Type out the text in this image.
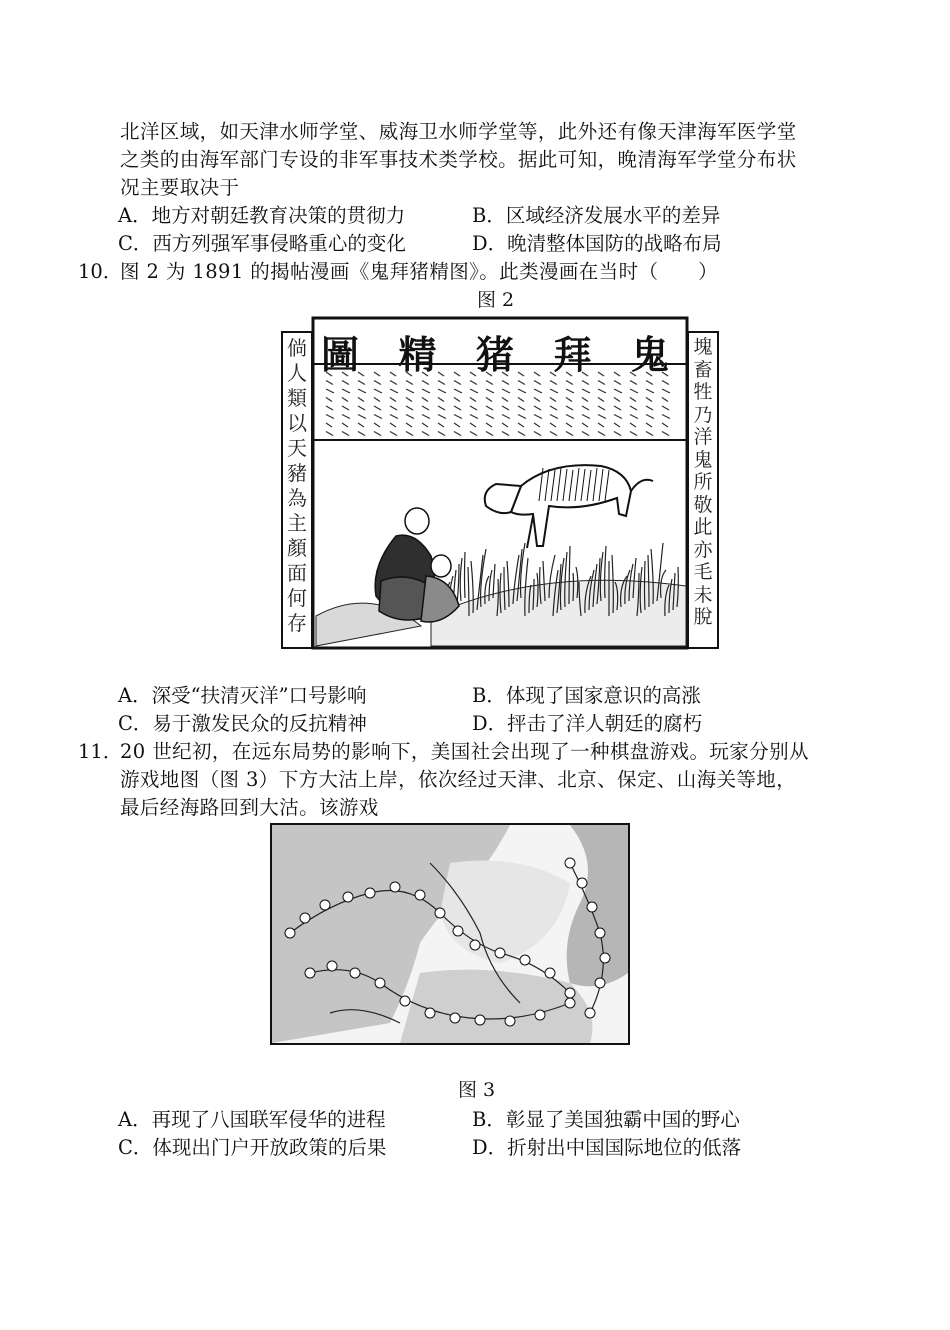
北洋区域，如天津水师学堂、威海卫水师学堂等，此外还有像天津海军医学堂
之类的由海军部门专设的非军事技术类学校。据此可知，晚清海军学堂分布状
况主要取决于
A．地方对朝廷教育决策的贯彻力	B．区域经济发展水平的差异
C．西方列强军事侵略重心的变化	D．晚清整体国防的战略布局
10．
图 2 为 1891 的揭帖漫画《鬼拜猪精图》。此类漫画在当时（　　）
图 2
圖 精 猪 拜 鬼
倘人類以天豬為主顏面何存
塊畜牲乃洋鬼所敬此亦毛未脫
A．深受“扶清灭洋”口号影响	B．体现了国家意识的高涨
C．易于激发民众的反抗精神	D．抨击了洋人朝廷的腐朽
11．
20 世纪初，在远东局势的影响下，美国社会出现了一种棋盘游戏。玩家分别从
游戏地图（图 3）下方大沽上岸，依次经过天津、北京、保定、山海关等地，
最后经海路回到大沽。该游戏
图 3
A．再现了八国联军侵华的进程	B．彰显了美国独霸中国的野心
C．体现出门户开放政策的后果	D．折射出中国国际地位的低落
